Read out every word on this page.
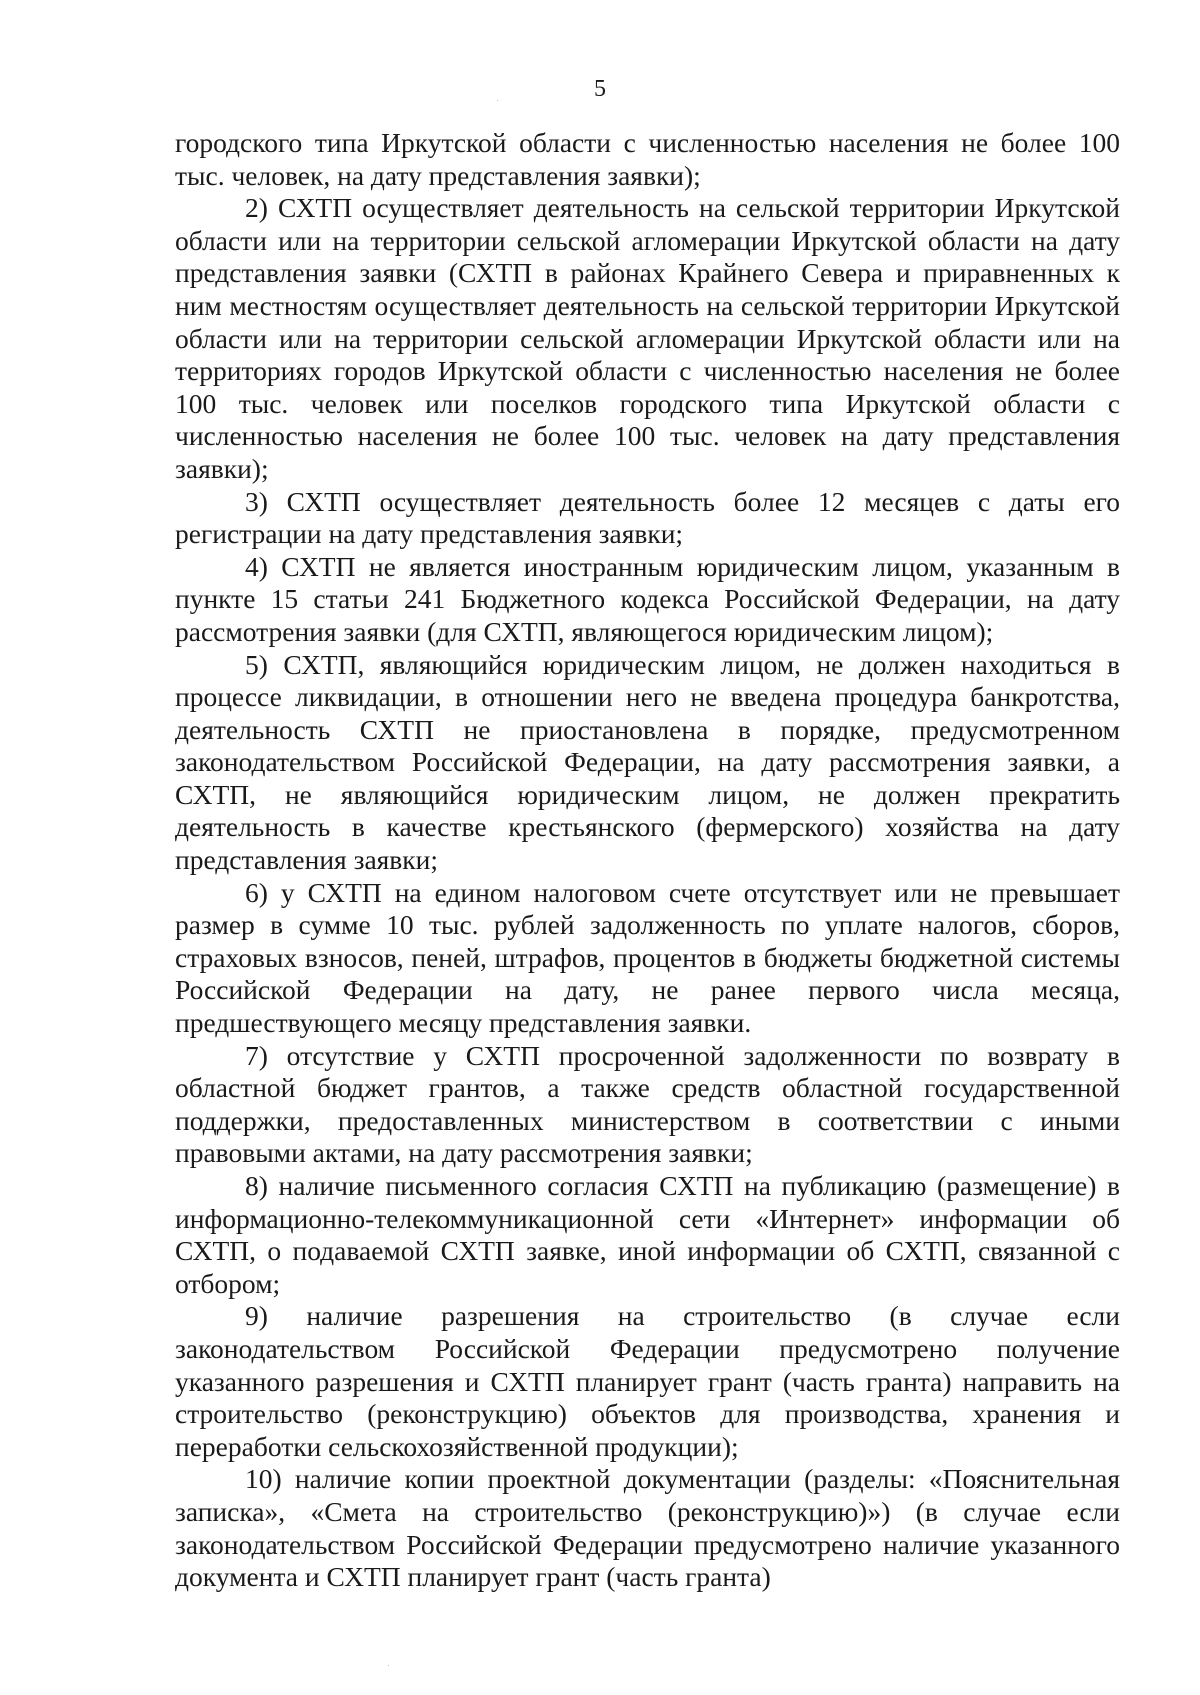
5

городского типа Иркутской области с численностью населения не более 100 тыс. человек, на дату представления заявки);

2) СХТП осуществляет деятельность на сельской территории Иркутской области или на территории сельской агломерации Иркутской области на дату представления заявки (СХТП в районах Крайнего Севера и приравненных к ним местностям осуществляет деятельность на сельской территории Иркутской области или на территории сельской агломерации Иркутской области или на территориях городов Иркутской области с численностью населения не более 100 тыс. человек или поселков городского типа Иркутской области с численностью населения не более 100 тыс. человек на дату представления заявки);

3) СХТП осуществляет деятельность более 12 месяцев с даты его регистрации на дату представления заявки;

4) СХТП не является иностранным юридическим лицом, указанным в пункте 15 статьи 241 Бюджетного кодекса Российской Федерации, на дату рассмотрения заявки (для СХТП, являющегося юридическим лицом);

5) СХТП, являющийся юридическим лицом, не должен находиться в процессе ликвидации, в отношении него не введена процедура банкротства, деятельность СХТП не приостановлена в порядке, предусмотренном законодательством Российской Федерации, на дату рассмотрения заявки, а СХТП, не являющийся юридическим лицом, не должен прекратить деятельность в качестве крестьянского (фермерского) хозяйства на дату представления заявки;

6) у СХТП на едином налоговом счете отсутствует или не превышает размер в сумме 10 тыс. рублей задолженность по уплате налогов, сборов, страховых взносов, пеней, штрафов, процентов в бюджеты бюджетной системы Российской Федерации на дату, не ранее первого числа месяца, предшествующего месяцу представления заявки.

7) отсутствие у СХТП просроченной задолженности по возврату в областной бюджет грантов, а также средств областной государственной поддержки, предоставленных министерством в соответствии с иными правовыми актами, на дату рассмотрения заявки;

8) наличие письменного согласия СХТП на публикацию (размещение) в информационно-телекоммуникационной сети «Интернет» информации об СХТП, о подаваемой СХТП заявке, иной информации об СХТП, связанной с отбором;

9) наличие разрешения на строительство (в случае если законодательством Российской Федерации предусмотрено получение указанного разрешения и СХТП планирует грант (часть гранта) направить на строительство (реконструкцию) объектов для производства, хранения и переработки сельскохозяйственной продукции);

10) наличие копии проектной документации (разделы: «Пояснительная записка», «Смета на строительство (реконструкцию)») (в случае если законодательством Российской Федерации предусмотрено наличие указанного документа и СХТП планирует грант (часть гранта)
